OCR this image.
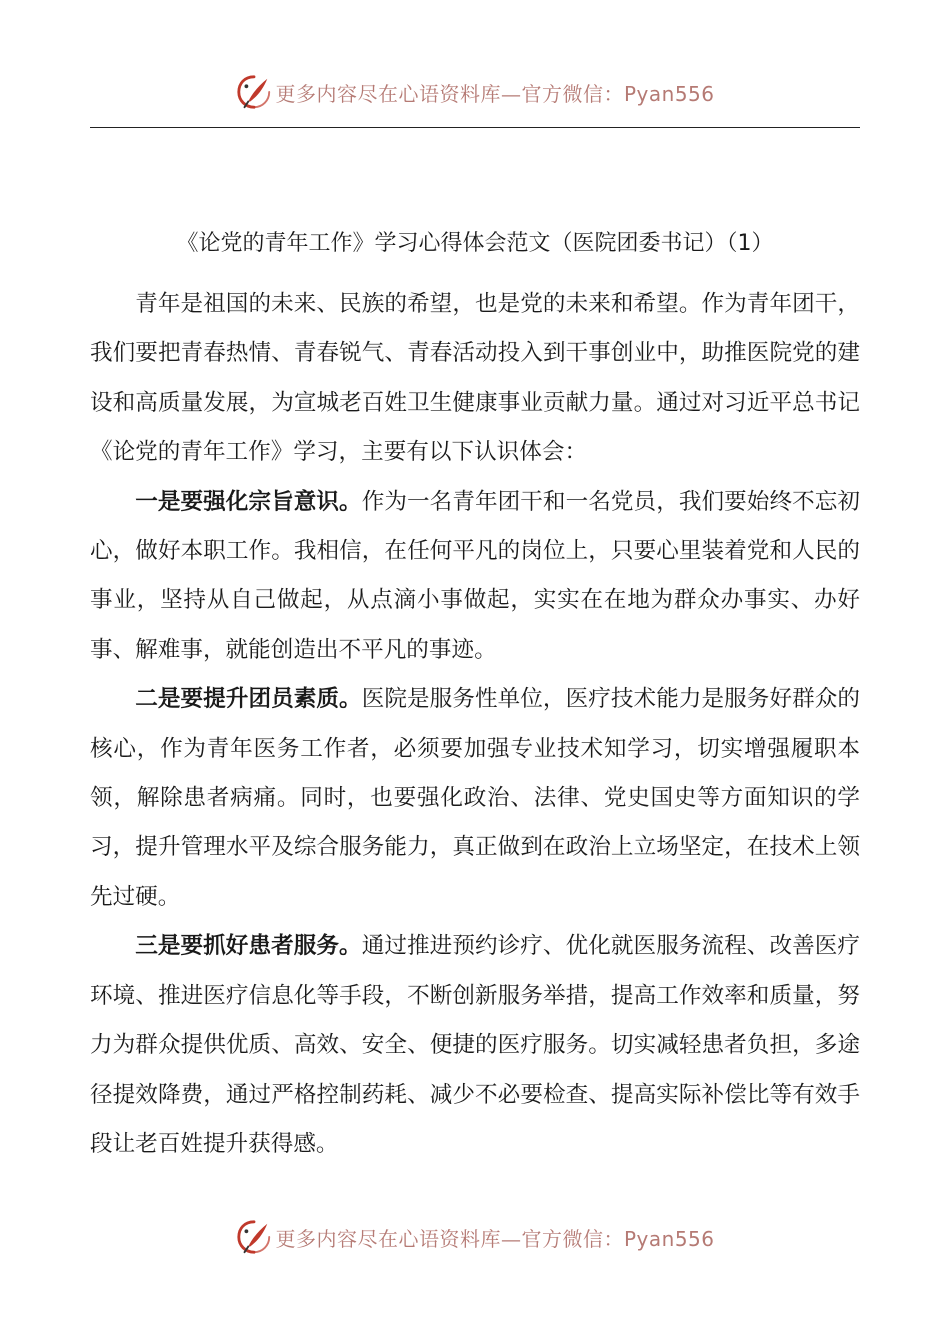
更多内容尽在心语资料库—官方微信：Pyan556
《论党的青年工作》学习心得体会范文（医院团委书记）（1）

青年是祖国的未来、民族的希望，也是党的未来和希望。作为青年团干，我们要把青春热情、青春锐气、青春活动投入到干事创业中，助推医院党的建设和高质量发展，为宣城老百姓卫生健康事业贡献力量。通过对习近平总书记《论党的青年工作》学习，主要有以下认识体会：

一是要强化宗旨意识。作为一名青年团干和一名党员，我们要始终不忘初心，做好本职工作。我相信，在任何平凡的岗位上，只要心里装着党和人民的事业，坚持从自己做起，从点滴小事做起，实实在在地为群众办事实、办好事、解难事，就能创造出不平凡的事迹。

二是要提升团员素质。医院是服务性单位，医疗技术能力是服务好群众的核心，作为青年医务工作者，必须要加强专业技术知学习，切实增强履职本领，解除患者病痛。同时，也要强化政治、法律、党史国史等方面知识的学习，提升管理水平及综合服务能力，真正做到在政治上立场坚定，在技术上领先过硬。

三是要抓好患者服务。通过推进预约诊疗、优化就医服务流程、改善医疗环境、推进医疗信息化等手段，不断创新服务举措，提高工作效率和质量，努力为群众提供优质、高效、安全、便捷的医疗服务。切实减轻患者负担，多途径提效降费，通过严格控制药耗、减少不必要检查、提高实际补偿比等有效手段让老百姓提升获得感。

更多内容尽在心语资料库—官方微信：Pyan556
